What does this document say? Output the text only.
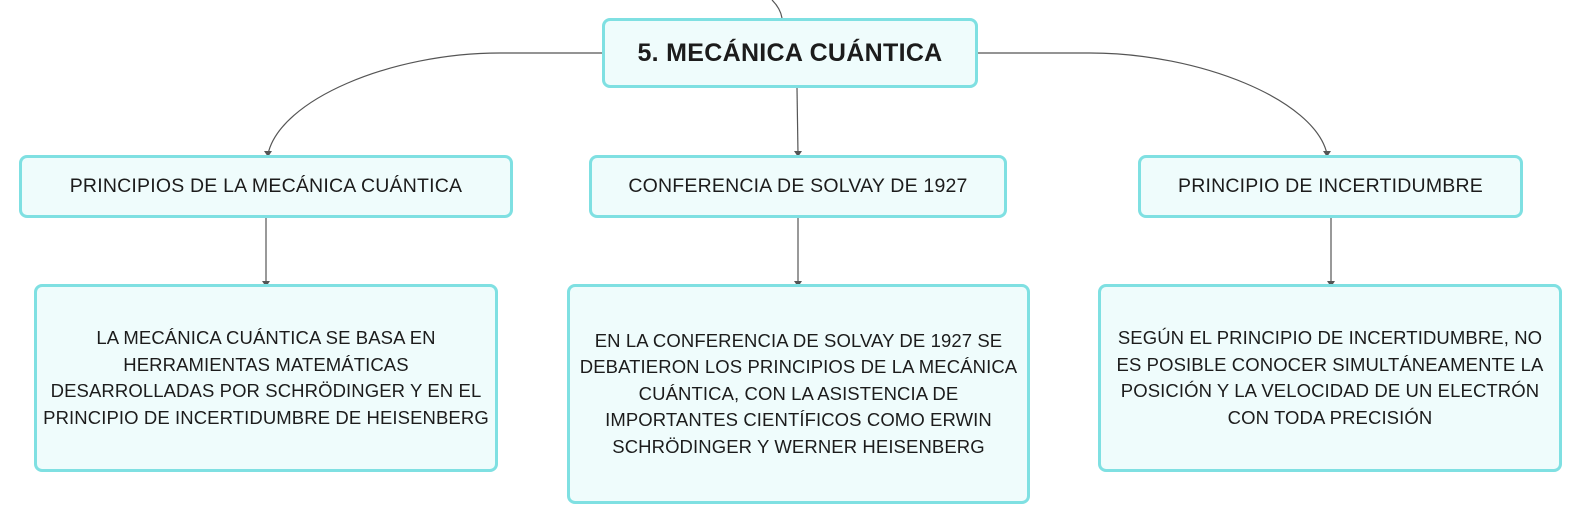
5. MECÁNICA CUÁNTICA
PRINCIPIOS DE LA MECÁNICA CUÁNTICA	CONFERENCIA DE SOLVAY DE 1927	PRINCIPIO DE INCERTIDUMBRE
LA MECÁNICA CUÁNTICA SE BASA EN
HERRAMIENTAS MATEMÁTICAS
DESARROLLADAS POR SCHRÖDINGER Y EN EL
PRINCIPIO DE INCERTIDUMBRE DE HEISENBERG
EN LA CONFERENCIA DE SOLVAY DE 1927 SE
DEBATIERON LOS PRINCIPIOS DE LA MECÁNICA
CUÁNTICA, CON LA ASISTENCIA DE
IMPORTANTES CIENTÍFICOS COMO ERWIN
SCHRÖDINGER Y WERNER HEISENBERG
SEGÚN EL PRINCIPIO DE INCERTIDUMBRE, NO
ES POSIBLE CONOCER SIMULTÁNEAMENTE LA
POSICIÓN Y LA VELOCIDAD DE UN ELECTRÓN
CON TODA PRECISIÓN
